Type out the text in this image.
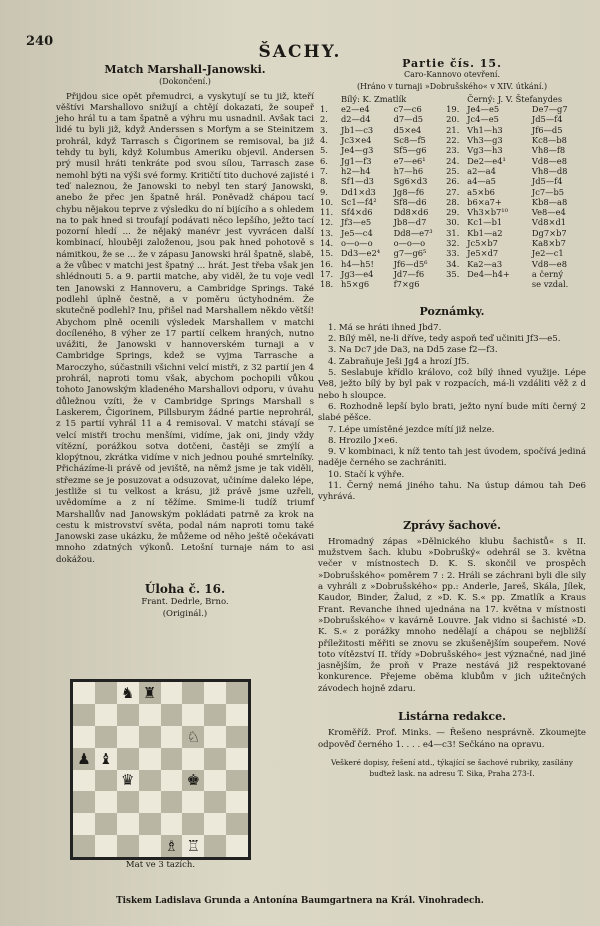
240
ŠACHY.
Match Marshall-Janowski.
(Dokončení.)

Přijdou sice opět přemudrci, a vyskytují se tu již, kteří věštívi Marshallovo snižují a chtějí dokazati, že soupeř jeho hrál tu a tam špatně a výhru mu usnadnil. Avšak taci lidé tu byli již, když Anderssen s Morfym a se Steinitzem prohrál, když Tarrasch s Čigorinem se remisoval, ba již tehdy tu byli, když Kolumbus Ameriku objevil. Andersen prý musil hráti tenkráte pod svou sílou, Tarrasch zase nemohl býti na výši své formy. Kritičtí tito duchové zajisté i teď naleznou, že Janowski to nebyl ten starý Janowski, anebo že přec jen špatně hrál. Poněvadž chápou tací chybu nějakou teprve z výsledku do ní bijícího a s ohledem na to pak hned si troufají podávati něco lepšího, ježto tací pozorní hledí ... že nějaký manévr jest vyvrácen další kombinací, hlouběji založenou, jsou pak hned pohotově s námitkou, že se ... že v zápasu Janowski hrál špatně, slabě, a že vůbec v matchi jest špatný ... hrát. Jest třeba však jen shlédnouti 5. a 9. partii matche, aby viděl, že tu voje vedl ten Janowski z Hannoveru, a Cambridge Springs. Také podlehl úplně čestně, a v poměru úctyhodném. Že skutečně podlehl? Inu, přišel nad Marshallem někdo větší! Abychom plně ocenili výsledek Marshallem v matchi docíleného, 8 výher ze 17 partií celkem hraných, nutno uvážiti, že Janowski v hannoverském turnaji a v Cambridge Springs, kdež se vyjma Tarrasche a Maroczyho, súčastnili všichni velcí mistři, z 32 partií jen 4 prohrál, naproti tomu však, abychom pochopili vůkou tohoto Janowským kladeného Marshallovi odporu, v úvahu důležnou vzíti, že v Cambridge Springs Marshall s Laskerem, Čigorinem, Pillsburym žádné partie neprohrál, z 15 partií vyhrál 11 a 4 remisoval. V matchi stávají se velcí mistři trochu menšími, vidíme, jak oni, jindy vždy vítězní, porážkou sotva dotčeni, častěji se zmýlí a klopýtnou, zkrátka vidíme v nich jednou pouhé smrtelníky. Přicházíme-li právě od jeviště, na němž jsme je tak viděli, střezme se je posuzovat a odsuzovat, učiníme daleko lépe, jestliže si tu velkost a krásu, již právě jsme uzřeli, uvědomíme a z ní těžíme. Smime-li tudíž triumf Marshallův nad Janowským pokládati patrně za krok na cestu k mistrovství světa, podal nám naproti tomu také Janowski zase ukázku, že můžeme od něho ještě očekávati mnoho zdatných výkonů. Letošní turnaje nám to asi dokážou.

Úloha č. 16.
Frant. Dedrle, Brno.
(Originál.)
♞ ♜
♘
♟ ♝
♛	♚
♗ ♖
Mat ve 3 tazích.
Partie čís. 15.
Caro-Kannovo otevření.
(Hráno v turnaji »Dobrušského« v XIV. útkání.)
	Bílý: K. Zmatlík			Černý: J. V. Štefanydes	
1.	e2—e4	c7—c6	19.	Je4—e5	Dе7—g7
2.	d2—d4	d7—d5	20.	Jc4—e5	Jd5—f4
3.	Jb1—c3	d5×e4	21.	Vh1—h3	Jf6—d5
4.	Jc3×e4	Sc8—f5	22.	Vh3—g3	Kc8—b8
5.	Je4—g3	Sf5—g6	23.	Vg3—h3	Vh8—f8
6.	Jg1—f3	e7—e6¹	24.	De2—e4¹	Vd8—e8
7.	h2—h4	h7—h6	25.	a2—a4	Vh8—d8
8.	Sf1—d3	Sg6×d3	26.	a4—a5	Jd5—f4
9.	Dd1×d3	Jg8—f6	27.	a5×b6	Jc7—b5
10.	Sc1—f4²	Sf8—d6	28.	b6×a7+	Kb8—a8
11.	Sf4×d6	Dd8×d6	29.	Vh3×b7¹⁰	Ve8—e4
12.	Jf3—e5	Jb8—d7	30.	Kc1—b1	Vd8×d1
13.	Je5—c4	Dd8—e7³	31.	Kb1—a2	Dg7×b7
14.	o—o—o	o—o—o	32.	Jc5×b7	Ka8×b7
15.	Dd3—e2⁴	g7—g6⁵	33.	Je5×d7	Je2—c1
16.	h4—h5!	Jf6—d5⁶	34.	Ka2—a3	Vd8—e8
17.	Jg3—e4	Jd7—f6	35.	De4—h4+	a černý
18.	h5×g6	f7×g6			se vzdal.
Poznámky.

1. Má se hráti ihned Jbd7.

2. Bílý měl, ne-li dříve, tedy aspoň teď učiniti Jf3—e5.

3. Na Dc7 jde Da3, na Dd5 zase f2—f3.

4. Zabraňuje Ješi Jg4 a hrozí Jf5.

5. Seslabuje křídlo královo, což bílý ihned využije. Lépe Ve8, ježto bílý by byl pak v rozpacích, má-li vzdáliti věž z d nebo h sloupce.

6. Rozhodně lepší bylo brati, ježto nyní bude míti černý 2 slabé pěšce.

7. Lépe umístěné jezdce mítí již nelze.

8. Hrozilo J×e6.

9. V kombinaci, k níž tento tah jest úvodem, spočívá jediná naděje černého se zachrániti.

10. Stačí k výhře.

11. Černý nemá jiného tahu. Na ústup dámou tah De6 vyhrává.

Zprávy šachové.

Hromadný zápas »Dělnického klubu šachistů« s II. mužstvem šach. klubu »Dobrušký« odehrál se 3. května večer v místnostech D. K. S. skončil ve prospěch »Dobrušského« poměrem 7 : 2. Hráli se záchrani byli dle sily a vyhráli z »Dobrušského« pp.: Anderle, Jareš, Skála, Jílek, Kaudor, Binder, Žalud, z »D. K. S.« pp. Zmatlík a Kraus Frant. Revanche ihned ujednána na 17. května v místnosti »Dobrušského« v kavárně Louvre. Jak vidno si šachisté »D. K. S.« z porážky mnoho nedělají a chápou se nejbližší příležitosti měřiti se znovu se zkušenějším soupeřem. Nové toto vítězství II. třídy »Dobrušského« jest význačné, nad jiné jasnějším, že proň v Praze nestává již respektované konkurence. Přejeme oběma klubům v jich užitečných závodech hojně zdaru.

Listárna redakce.

Kroměříž. Prof. Minks. — Řešeno nesprávně. Zkoumejte odpověď černého 1. . . . e4—c3! Sečkáno na opravu.

Veškeré dopisy, řešení atd., týkající se šachové rubriky, zasílány buďtež lask. na adresu T. Sika, Praha 273-I.
Tiskem Ladislava Grunda a Antonína Baumgartnera na Král. Vinohradech.
